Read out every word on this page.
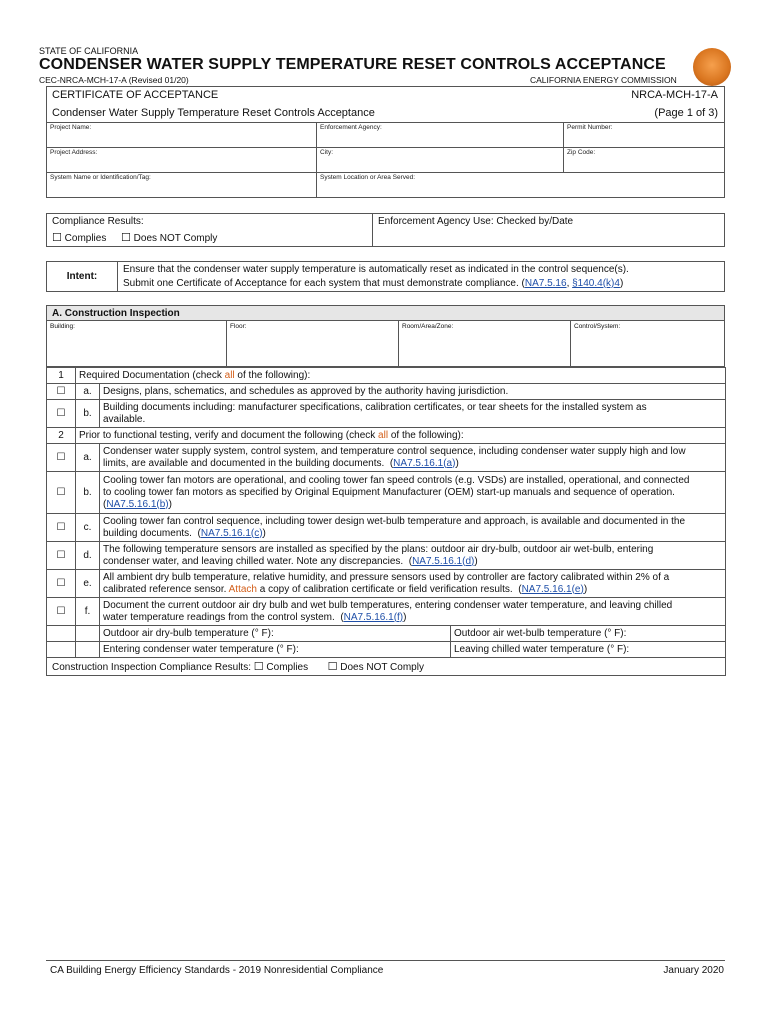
STATE OF CALIFORNIA
CONDENSER WATER SUPPLY TEMPERATURE RESET CONTROLS ACCEPTANCE
CEC-NRCA-MCH-17-A (Revised 01/20)	CALIFORNIA ENERGY COMMISSION
CERTIFICATE OF ACCEPTANCE	NRCA-MCH-17-A
Condenser Water Supply Temperature Reset Controls Acceptance	(Page 1 of 3)
Project Name:	Enforcement Agency:	Permit Number:
Project Address:	City:	Zip Code:
System Name or Identification/Tag:	System Location or Area Served:	
Compliance Results:
☐ Complies ☐ Does NOT Comply
Enforcement Agency Use: Checked by/Date
Intent:
Ensure that the condenser water supply temperature is automatically reset as indicated in the control sequence(s).
Submit one Certificate of Acceptance for each system that must demonstrate compliance. (NA7.5.16, §140.4(k)4)
A. Construction Inspection
Building:	Floor:	Room/Area/Zone:	Control/System:
1	Required Documentation (check all of the following):		
☐	a.	Designs, plans, schematics, and schedules as approved by the authority having jurisdiction.	
☐	b.	Building documents including: manufacturer specifications, calibration certificates, or tear sheets for the installed system as
available.	

2	Prior to functional testing, verify and document the following (check all of the following):		
☐	a.	Condenser water supply system, control system, and temperature control sequence, including condenser water supply high and low
limits, are available and documented in the building documents.  (NA7.5.16.1(a))	

☐	b.	Cooling tower fan motors are operational, and cooling tower fan speed controls (e.g. VSDs) are installed, operational, and connected
to cooling tower fan motors as specified by Original Equipment Manufacturer (OEM) start-up manuals and sequence of operation.
(NA7.5.16.1(b))	

☐	c.	Cooling tower fan control sequence, including tower design wet-bulb temperature and approach, is available and documented in the
building documents.  (NA7.5.16.1(c))	

☐	d.	The following temperature sensors are installed as specified by the plans: outdoor air dry-bulb, outdoor air wet-bulb, entering
condenser water, and leaving chilled water. Note any discrepancies.  (NA7.5.16.1(d))	

☐	e.	All ambient dry bulb temperature, relative humidity, and pressure sensors used by controller are factory calibrated within 2% of a
calibrated reference sensor. Attach a copy of calibration certificate or field verification results.  (NA7.5.16.1(e))	

☐	f.	Document the current outdoor air dry bulb and wet bulb temperatures, entering condenser water temperature, and leaving chilled
water temperature readings from the control system.  (NA7.5.16.1(f))	

		Outdoor air dry-bulb temperature (° F):	Outdoor air wet-bulb temperature (° F):
		Entering condenser water temperature (° F):	Leaving chilled water temperature (° F):
Construction Inspection Compliance Results: ☐ Complies ☐ Does NOT Comply			
CA Building Energy Efficiency Standards - 2019 Nonresidential Compliance	January 2020
